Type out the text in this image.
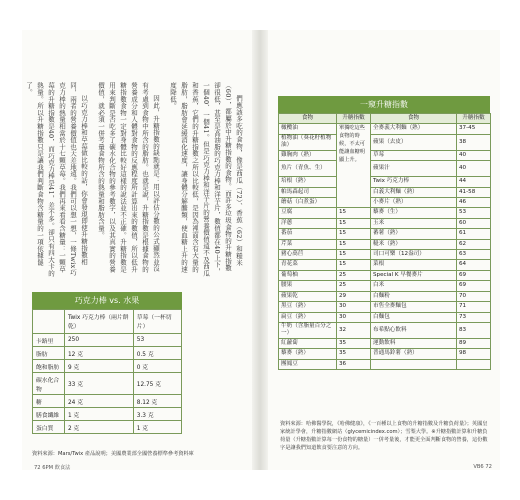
們應該多吃的食物，像是西瓜（72）、香蕉（62）和糙米（60），都屬於中升糖指數的食物。而許多垃圾食物的升糖指數卻很低，甚至是高油脂的巧克力棒和洋芋片，數值都在40上下，一個40、一個41。但是巧克力棒和洋芋片的營養價值遠不及西瓜和香蕉，它們的升糖指數之所以比較低，是因為裡面含有大量的脂肪，脂肪會延緩消化速度，讓身體分解醣類，使血糖上升的速度降低。

因此，升糖指數的缺點就是：用以評估分數的公式顯然並沒有考慮到食物中所含的脂肪。也就是說，升糖指數是根據食物的營養成分和人體對食物的反應程度所計算出來的數值，所以低升糖指數食物一定對身體比較好這樣的說法並不正確。升糖指數是用來判斷是否吃多了碳水化合物的參考數字，以及其真實的營養價值，就必須一併考量食物所含的熱量和脂肪含量。

以巧克力棒和草莓做比較的話，你會發現即使升糖指數相同，兩者的營養價值也天差地遠。我們可以想一想，一條Twix巧克力棒的熱量相當於十七顆草莓。我們再來看看含糖量：一顆草莓的升糖指數是40，而巧克力棒是41，差不多。卻只有四大卡的熱量。所以升糖指數只是讓我們判斷食物含糖量的一項依據罷了。

巧克力棒 vs. 水果
	Twix 巧克力棒（兩片餅乾）	草莓（一杯切片）
卡路里	250	53
脂肪	12 克	0.5 克
飽和脂肪	9 克	0 克
碳水化合物	33 克	12.75 克
糖	24 克	8.12 克
膳食纖維	1 克	3.3 克
蛋白質	2 克	1 克
資料來源：Mars/Twix 產品說明；美國農業部全國營養標準參考資料庫
72 6PM 飲食法
一窺升糖指數
食物	升糖指數	食物	升糖指數
橄欖油	單獨吃這些食物的時候，不太可能讓血糖明顯上升。	全麥義大利麵（熟）	37-45
植物油（葵花籽植物油）		蘋果（去皮）	38
雞胸肉（熟）		草莓	40
魚片（青魚、生）		蘋果汁	40
培根（熟）		Twix 巧克力棒	44
帕馬森起司		白義大利麵（熟）	41-58
蘑菇（白煮蛋）		小麥片（熟）	46
豆腐	15	藜麥（生）	53
洋蔥	15	玉米	60
番茄	15	蕃薯（熟）	61
芹菜	15	糙米（熟）	62
豬心萵苣	15	司口可樂（12盎司）	63
青花菜	15	菜根	64
葡萄柚	25	Special K 早餐麥片	69
腰果	25	白米	69
蘋果乾	29	白麵粉	70
黑豆（熟）	30	市售全麥麵包	71
扁豆（熟）	30	白麵包	73
牛奶（含脂量百分之一）	32	布希點心飲料	83
紅蘿蔔	35	運動飲料	89
藜麥（熟）	35	普通馬鈴薯（熟）	98
團鳳豆	36		
資料來源：哈佛醫學院，《哈佛健康》，《一百種以上食物的升糖指數及升糖負荷量》；英國皇家統計學會，升糖指數網站（glycemicindex.com）；雪梨大學。※升糖指數計算和升糖負荷量（升糖指數計算每一份食物的糖量）一併考量後，才能更全面判斷食物的營養，這份數字是讓我們知道飲食要注意的方向。
VB6 72
